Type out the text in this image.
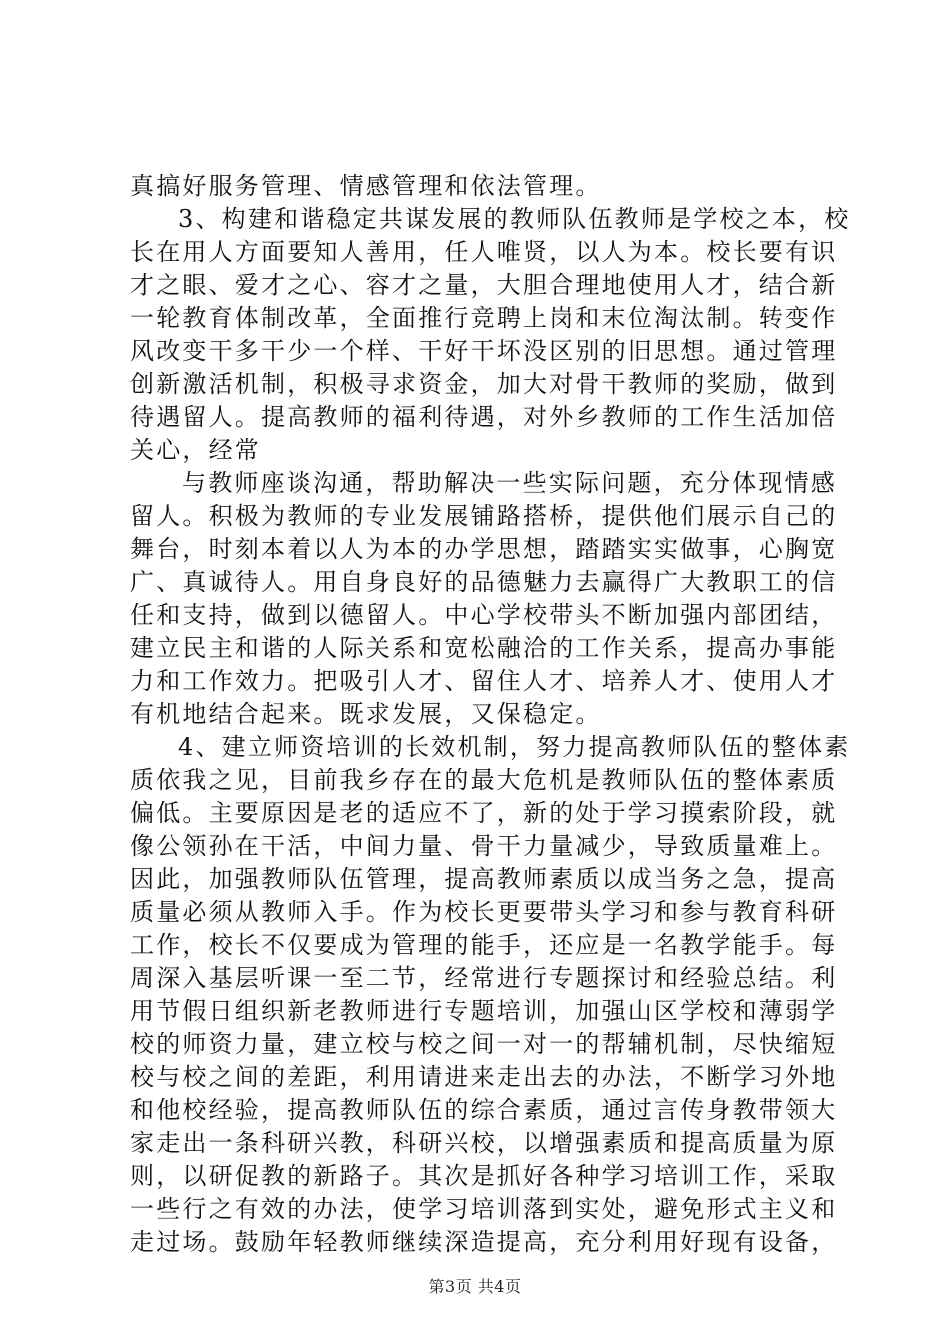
真搞好服务管理、情感管理和依法管理。
3、构建和谐稳定共谋发展的教师队伍教师是学校之本，校
长在用人方面要知人善用，任人唯贤，以人为本。校长要有识
才之眼、爱才之心、容才之量，大胆合理地使用人才，结合新
一轮教育体制改革，全面推行竞聘上岗和末位淘汰制。转变作
风改变干多干少一个样、干好干坏没区别的旧思想。通过管理
创新激活机制，积极寻求资金，加大对骨干教师的奖励，做到
待遇留人。提高教师的福利待遇，对外乡教师的工作生活加倍
关心，经常
与教师座谈沟通，帮助解决一些实际问题，充分体现情感
留人。积极为教师的专业发展铺路搭桥，提供他们展示自己的
舞台，时刻本着以人为本的办学思想，踏踏实实做事，心胸宽
广、真诚待人。用自身良好的品德魅力去赢得广大教职工的信
任和支持，做到以德留人。中心学校带头不断加强内部团结，
建立民主和谐的人际关系和宽松融洽的工作关系，提高办事能
力和工作效力。把吸引人才、留住人才、培养人才、使用人才
有机地结合起来。既求发展，又保稳定。
4、建立师资培训的长效机制，努力提高教师队伍的整体素
质依我之见，目前我乡存在的最大危机是教师队伍的整体素质
偏低。主要原因是老的适应不了，新的处于学习摸索阶段，就
像公领孙在干活，中间力量、骨干力量减少，导致质量难上。
因此，加强教师队伍管理，提高教师素质以成当务之急，提高
质量必须从教师入手。作为校长更要带头学习和参与教育科研
工作，校长不仅要成为管理的能手，还应是一名教学能手。每
周深入基层听课一至二节，经常进行专题探讨和经验总结。利
用节假日组织新老教师进行专题培训，加强山区学校和薄弱学
校的师资力量，建立校与校之间一对一的帮辅机制，尽快缩短
校与校之间的差距，利用请进来走出去的办法，不断学习外地
和他校经验，提高教师队伍的综合素质，通过言传身教带领大
家走出一条科研兴教，科研兴校，以增强素质和提高质量为原
则，以研促教的新路子。其次是抓好各种学习培训工作，采取
一些行之有效的办法，使学习培训落到实处，避免形式主义和
走过场。鼓励年轻教师继续深造提高，充分利用好现有设备，
第3页 共4页
